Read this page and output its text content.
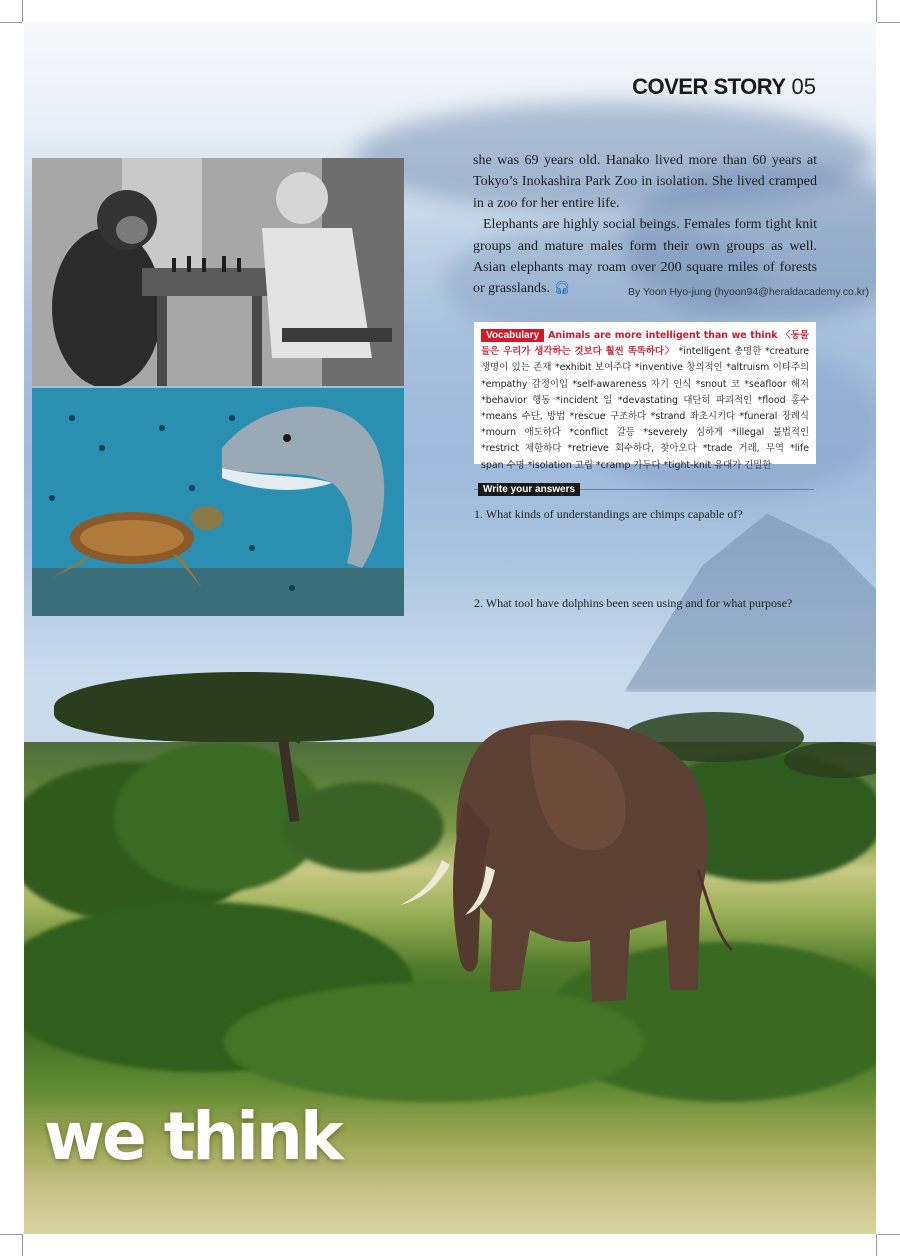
COVER STORY 05

she was 69 years old. Hanako lived more than 60 years at Tokyo’s Inokashira Park Zoo in isolation. She lived cramped in a zoo for her entire life.

Elephants are highly social beings. Females form tight knit groups and mature males form their own groups as well. Asian elephants may roam over 200 square miles of forests or grasslands. 🎧︎	By Yoon Hyo-jung (hyoon94@heraldacademy.co.kr)
Vocabulary Animals are more intelligent than we think 〈동물들은 우리가 생각하는 것보다 훨씬 똑똑하다〉 *intelligent 총명한 *creature 생명이 있는 존재 *exhibit 보여주다 *inventive 창의적인 *altruism 이타주의 *empathy 감정이입 *self-awareness 자기 인식 *snout 코 *seafloor 해저 *behavior 행동 *incident 일 *devastating 대단히 파괴적인 *flood 홍수 *means 수단, 방법 *rescue 구조하다 *strand 좌초시키다 *funeral 장례식 *mourn 애도하다 *conflict 갈등 *severely 심하게 *illegal 불법적인 *restrict 제한하다 *retrieve 회수하다, 찾아오다 *trade 거래, 무역 *life span 수명 *isolation 고립 *cramp 가두다 *tight-knit 유대가 긴밀한
Write your answers
1. What kinds of understandings are chimps capable of?
2. What tool have dolphins been seen using and for what purpose?
we think
